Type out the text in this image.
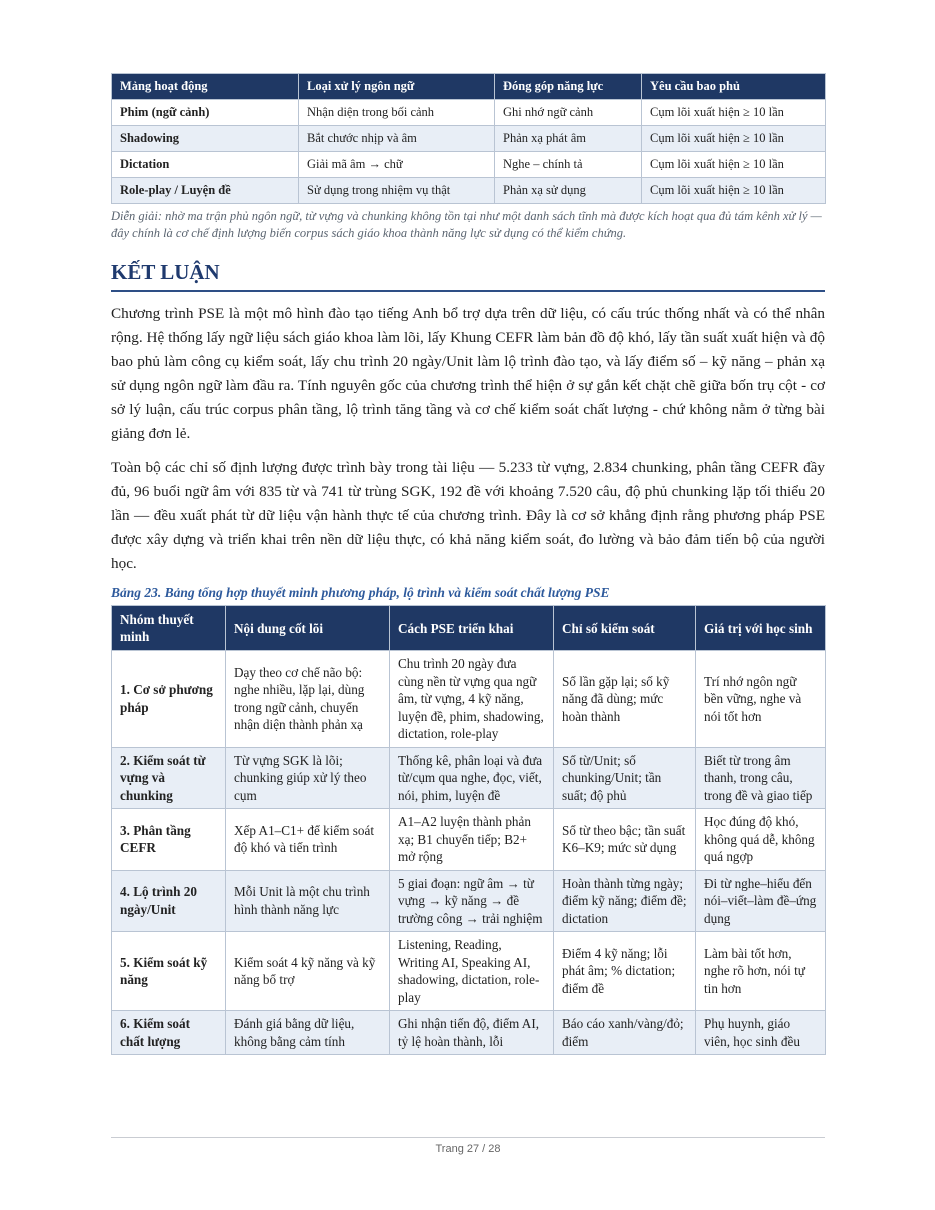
Mảng hoạt động	Loại xử lý ngôn ngữ	Đóng góp năng lực	Yêu cầu bao phủ
Phim (ngữ cảnh)	Nhận diện trong bối cảnh	Ghi nhớ ngữ cảnh	Cụm lõi xuất hiện ≥ 10 lần
Shadowing	Bắt chước nhịp và âm	Phản xạ phát âm	Cụm lõi xuất hiện ≥ 10 lần
Dictation	Giải mã âm → chữ	Nghe – chính tả	Cụm lõi xuất hiện ≥ 10 lần
Role-play / Luyện đề	Sử dụng trong nhiệm vụ thật	Phản xạ sử dụng	Cụm lõi xuất hiện ≥ 10 lần
Diễn giải: nhờ ma trận phủ ngôn ngữ, từ vựng và chunking không tồn tại như một danh sách tĩnh mà được kích hoạt qua đủ tám kênh xử lý — đây chính là cơ chế định lượng biến corpus sách giáo khoa thành năng lực sử dụng có thể kiểm chứng.
KẾT LUẬN

Chương trình PSE là một mô hình đào tạo tiếng Anh bổ trợ dựa trên dữ liệu, có cấu trúc thống nhất và có thể nhân rộng. Hệ thống lấy ngữ liệu sách giáo khoa làm lõi, lấy Khung CEFR làm bản đồ độ khó, lấy tần suất xuất hiện và độ bao phủ làm công cụ kiểm soát, lấy chu trình 20 ngày/Unit làm lộ trình đào tạo, và lấy điểm số – kỹ năng – phản xạ sử dụng ngôn ngữ làm đầu ra. Tính nguyên gốc của chương trình thể hiện ở sự gắn kết chặt chẽ giữa bốn trụ cột - cơ sở lý luận, cấu trúc corpus phân tầng, lộ trình tăng tầng và cơ chế kiểm soát chất lượng - chứ không nằm ở từng bài giảng đơn lẻ.

Toàn bộ các chỉ số định lượng được trình bày trong tài liệu — 5.233 từ vựng, 2.834 chunking, phân tầng CEFR đầy đủ, 96 buổi ngữ âm với 835 từ và 741 từ trùng SGK, 192 đề với khoảng 7.520 câu, độ phủ chunking lặp tối thiểu 20 lần — đều xuất phát từ dữ liệu vận hành thực tế của chương trình. Đây là cơ sở khẳng định rằng phương pháp PSE được xây dựng và triển khai trên nền dữ liệu thực, có khả năng kiểm soát, đo lường và bảo đảm tiến bộ của người học.

Bảng 23. Bảng tổng hợp thuyết minh phương pháp, lộ trình và kiểm soát chất lượng PSE
Nhóm thuyết minh	Nội dung cốt lõi	Cách PSE triển khai	Chỉ số kiểm soát	Giá trị với học sinh
1. Cơ sở phương pháp	Dạy theo cơ chế não bộ: nghe nhiều, lặp lại, dùng trong ngữ cảnh, chuyển nhận diện thành phản xạ	Chu trình 20 ngày đưa cùng nền từ vựng qua ngữ âm, từ vựng, 4 kỹ năng, luyện đề, phim, shadowing, dictation, role-play	Số lần gặp lại; số kỹ năng đã dùng; mức hoàn thành	Trí nhớ ngôn ngữ bền vững, nghe và nói tốt hơn
2. Kiểm soát từ vựng và chunking	Từ vựng SGK là lõi; chunking giúp xử lý theo cụm	Thống kê, phân loại và đưa từ/cụm qua nghe, đọc, viết, nói, phim, luyện đề	Số từ/Unit; số chunking/Unit; tần suất; độ phủ	Biết từ trong âm thanh, trong câu, trong đề và giao tiếp
3. Phân tầng CEFR	Xếp A1–C1+ để kiểm soát độ khó và tiến trình	A1–A2 luyện thành phản xạ; B1 chuyển tiếp; B2+ mở rộng	Số từ theo bậc; tần suất K6–K9; mức sử dụng	Học đúng độ khó, không quá dễ, không quá ngợp
4. Lộ trình 20 ngày/Unit	Mỗi Unit là một chu trình hình thành năng lực	5 giai đoạn: ngữ âm → từ vựng → kỹ năng → đề trường công → trải nghiệm	Hoàn thành từng ngày; điểm kỹ năng; điểm đề; dictation	Đi từ nghe–hiểu đến nói–viết–làm đề–ứng dụng
5. Kiểm soát kỹ năng	Kiểm soát 4 kỹ năng và kỹ năng bổ trợ	Listening, Reading, Writing AI, Speaking AI, shadowing, dictation, role-play	Điểm 4 kỹ năng; lỗi phát âm; % dictation; điểm đề	Làm bài tốt hơn, nghe rõ hơn, nói tự tin hơn
6. Kiểm soát chất lượng	Đánh giá bằng dữ liệu, không bằng cảm tính	Ghi nhận tiến độ, điểm AI, tỷ lệ hoàn thành, lỗi	Báo cáo xanh/vàng/đỏ; điểm	Phụ huynh, giáo viên, học sinh đều
Trang 27 / 28
